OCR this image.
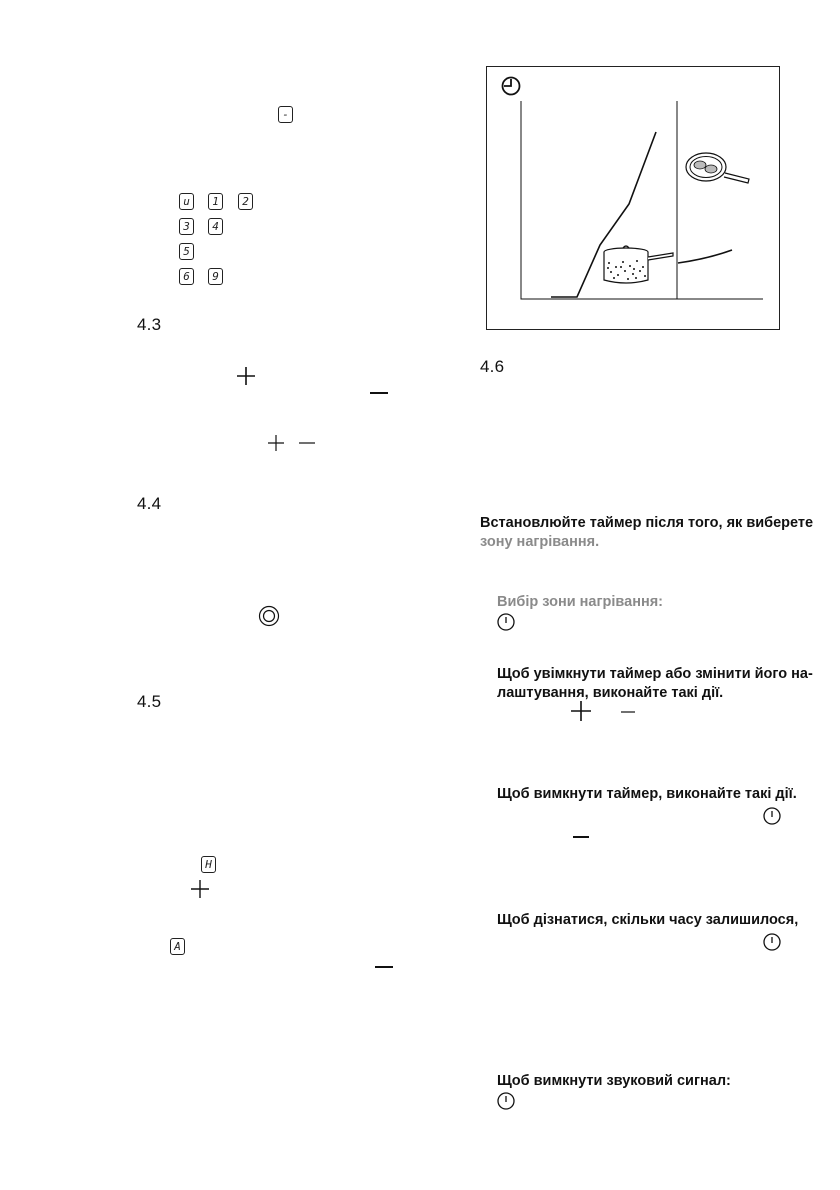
-
u	1	2
3	4
5
6	9
4.3
4.4
4.5
H
A
4.6
Встановлюйте таймер після того, як виберете
зону нагрівання.
Вибір зони нагрівання:
Щоб увімкнути таймер або змінити його на-
лаштування, виконайте такі дії.
Щоб вимкнути таймер, виконайте такі дії.
Щоб дізнатися, скільки часу залишилося,
Щоб вимкнути звуковий сигнал:
